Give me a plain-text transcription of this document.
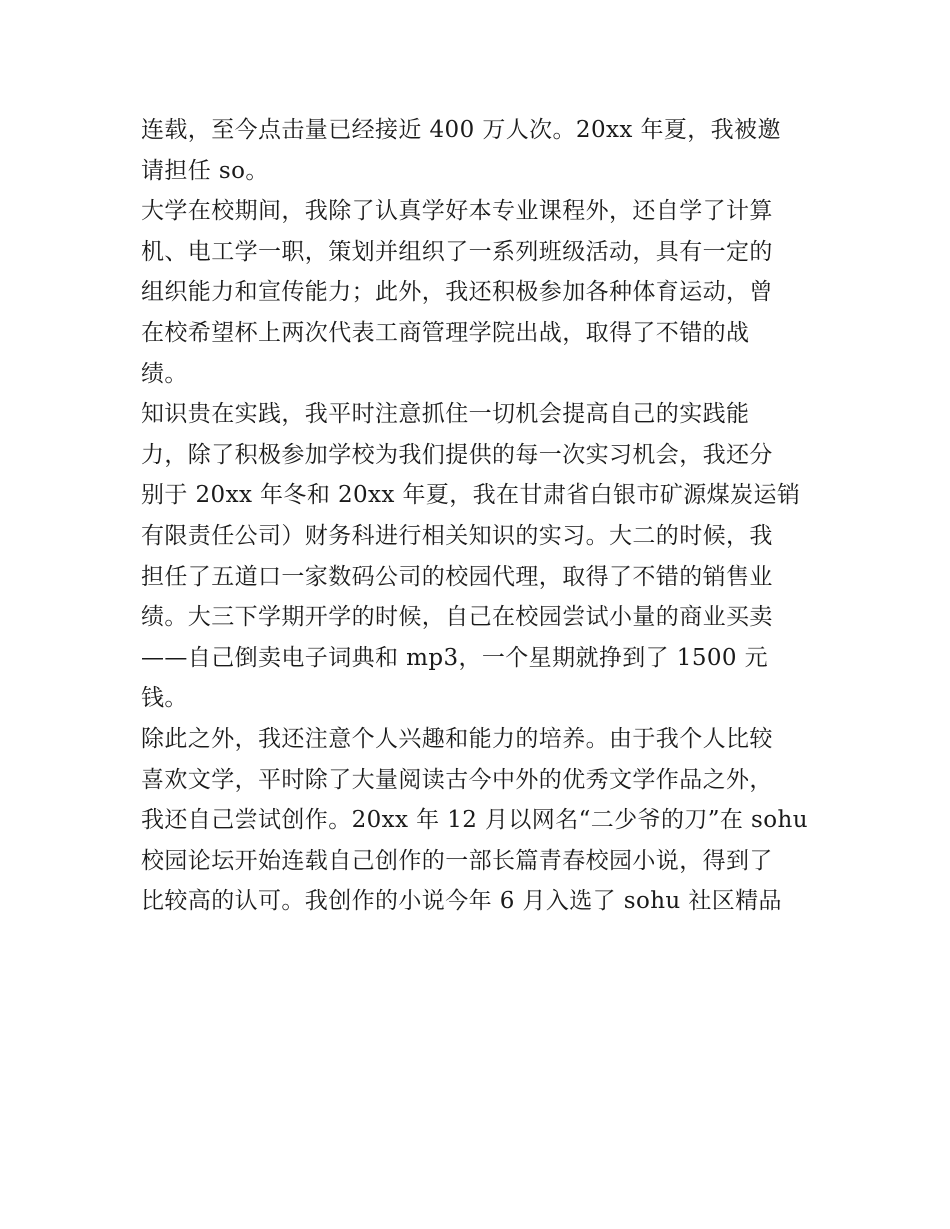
连载，至今点击量已经接近 400 万人次。20xx 年夏，我被邀
请担任 so。
大学在校期间，我除了认真学好本专业课程外，还自学了计算
机、电工学一职，策划并组织了一系列班级活动，具有一定的
组织能力和宣传能力；此外，我还积极参加各种体育运动，曾
在校希望杯上两次代表工商管理学院出战，取得了不错的战
绩。
知识贵在实践，我平时注意抓住一切机会提高自己的实践能
力，除了积极参加学校为我们提供的每一次实习机会，我还分
别于 20xx 年冬和 20xx 年夏，我在甘肃省白银市矿源煤炭运销
有限责任公司）财务科进行相关知识的实习。大二的时候，我
担任了五道口一家数码公司的校园代理，取得了不错的销售业
绩。大三下学期开学的时候，自己在校园尝试小量的商业买卖
——自己倒卖电子词典和 mp3，一个星期就挣到了 1500 元
钱。
除此之外，我还注意个人兴趣和能力的培养。由于我个人比较
喜欢文学，平时除了大量阅读古今中外的优秀文学作品之外，
我还自己尝试创作。20xx 年 12 月以网名“二少爷的刀”在 sohu
校园论坛开始连载自己创作的一部长篇青春校园小说，得到了
比较高的认可。我创作的小说今年 6 月入选了 sohu 社区精品
